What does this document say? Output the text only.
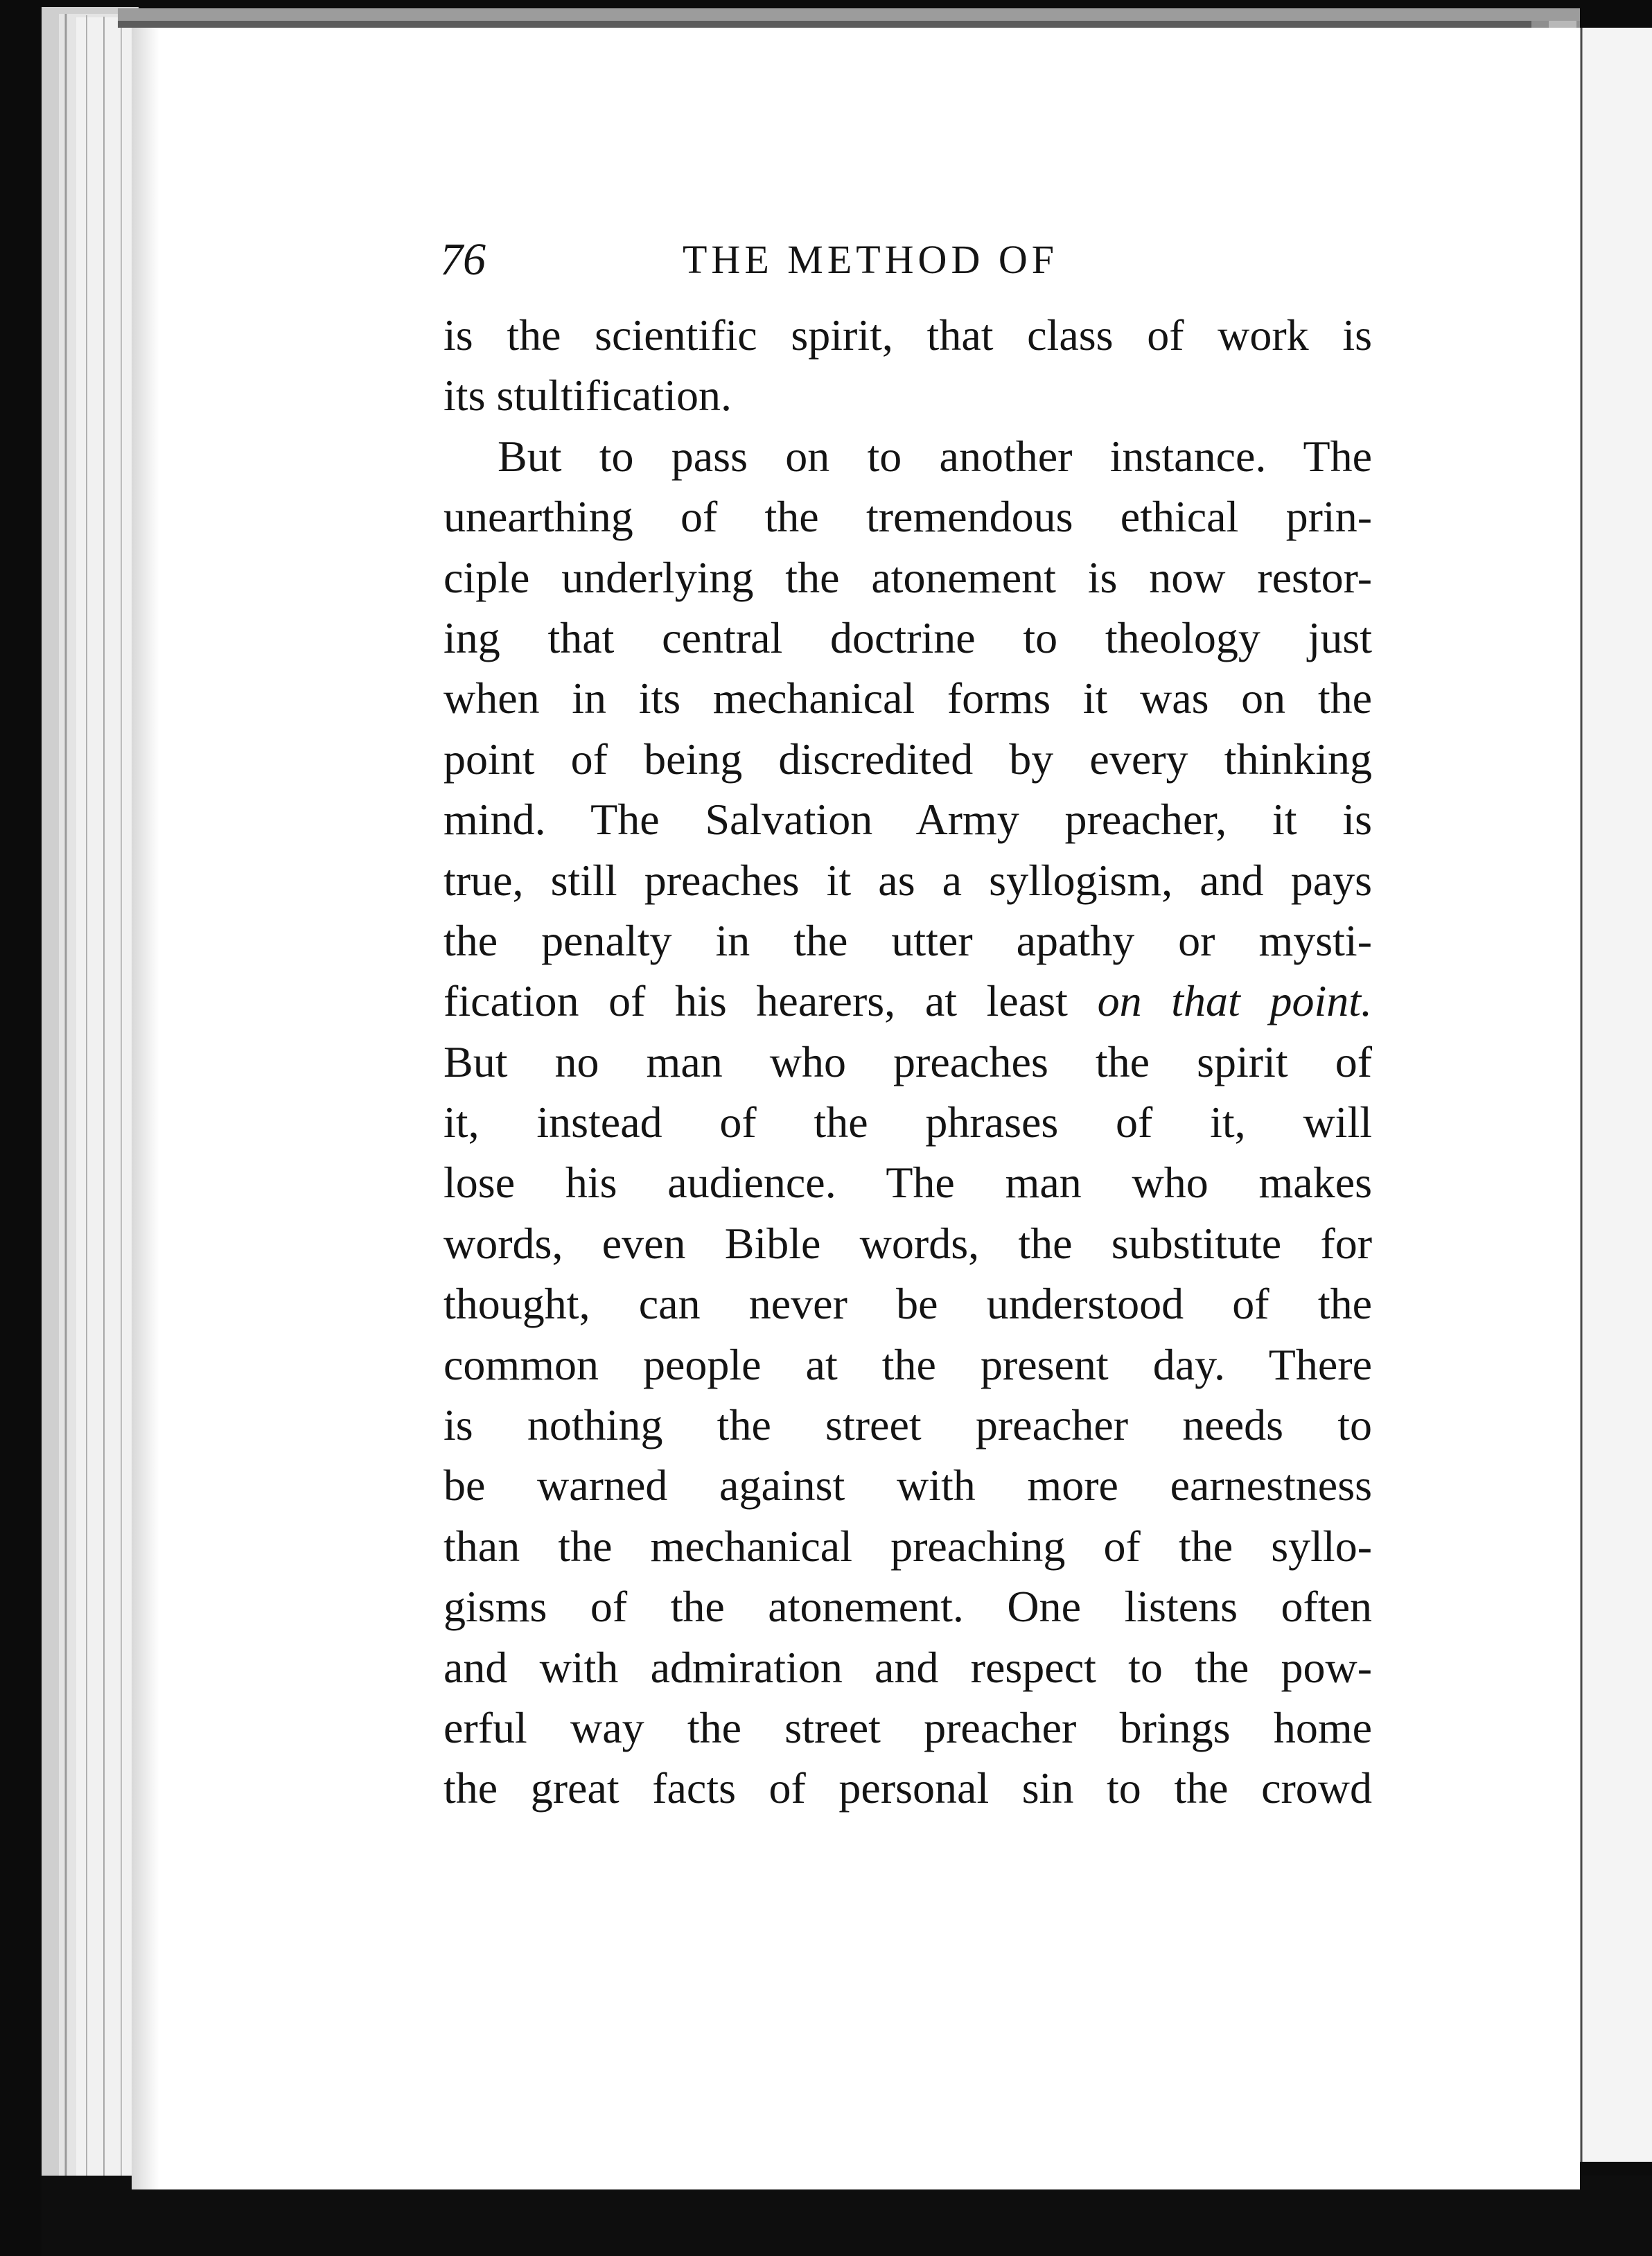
76	THE METHOD OF
is the scientific spirit, that class of work is
its stultification.
But to pass on to another instance. The
unearthing of the tremendous ethical prin-
ciple underlying the atonement is now restor-
ing that central doctrine to theology just
when in its mechanical forms it was on the
point of being discredited by every thinking
mind. The Salvation Army preacher, it is
true, still preaches it as a syllogism, and pays
the penalty in the utter apathy or mysti-
fication of his hearers, at least on that point.
But no man who preaches the spirit of
it, instead of the phrases of it, will
lose his audience. The man who makes
words, even Bible words, the substitute for
thought, can never be understood of the
common people at the present day. There
is nothing the street preacher needs to
be warned against with more earnestness
than the mechanical preaching of the syllo-
gisms of the atonement. One listens often
and with admiration and respect to the pow-
erful way the street preacher brings home
the great facts of personal sin to the crowd
